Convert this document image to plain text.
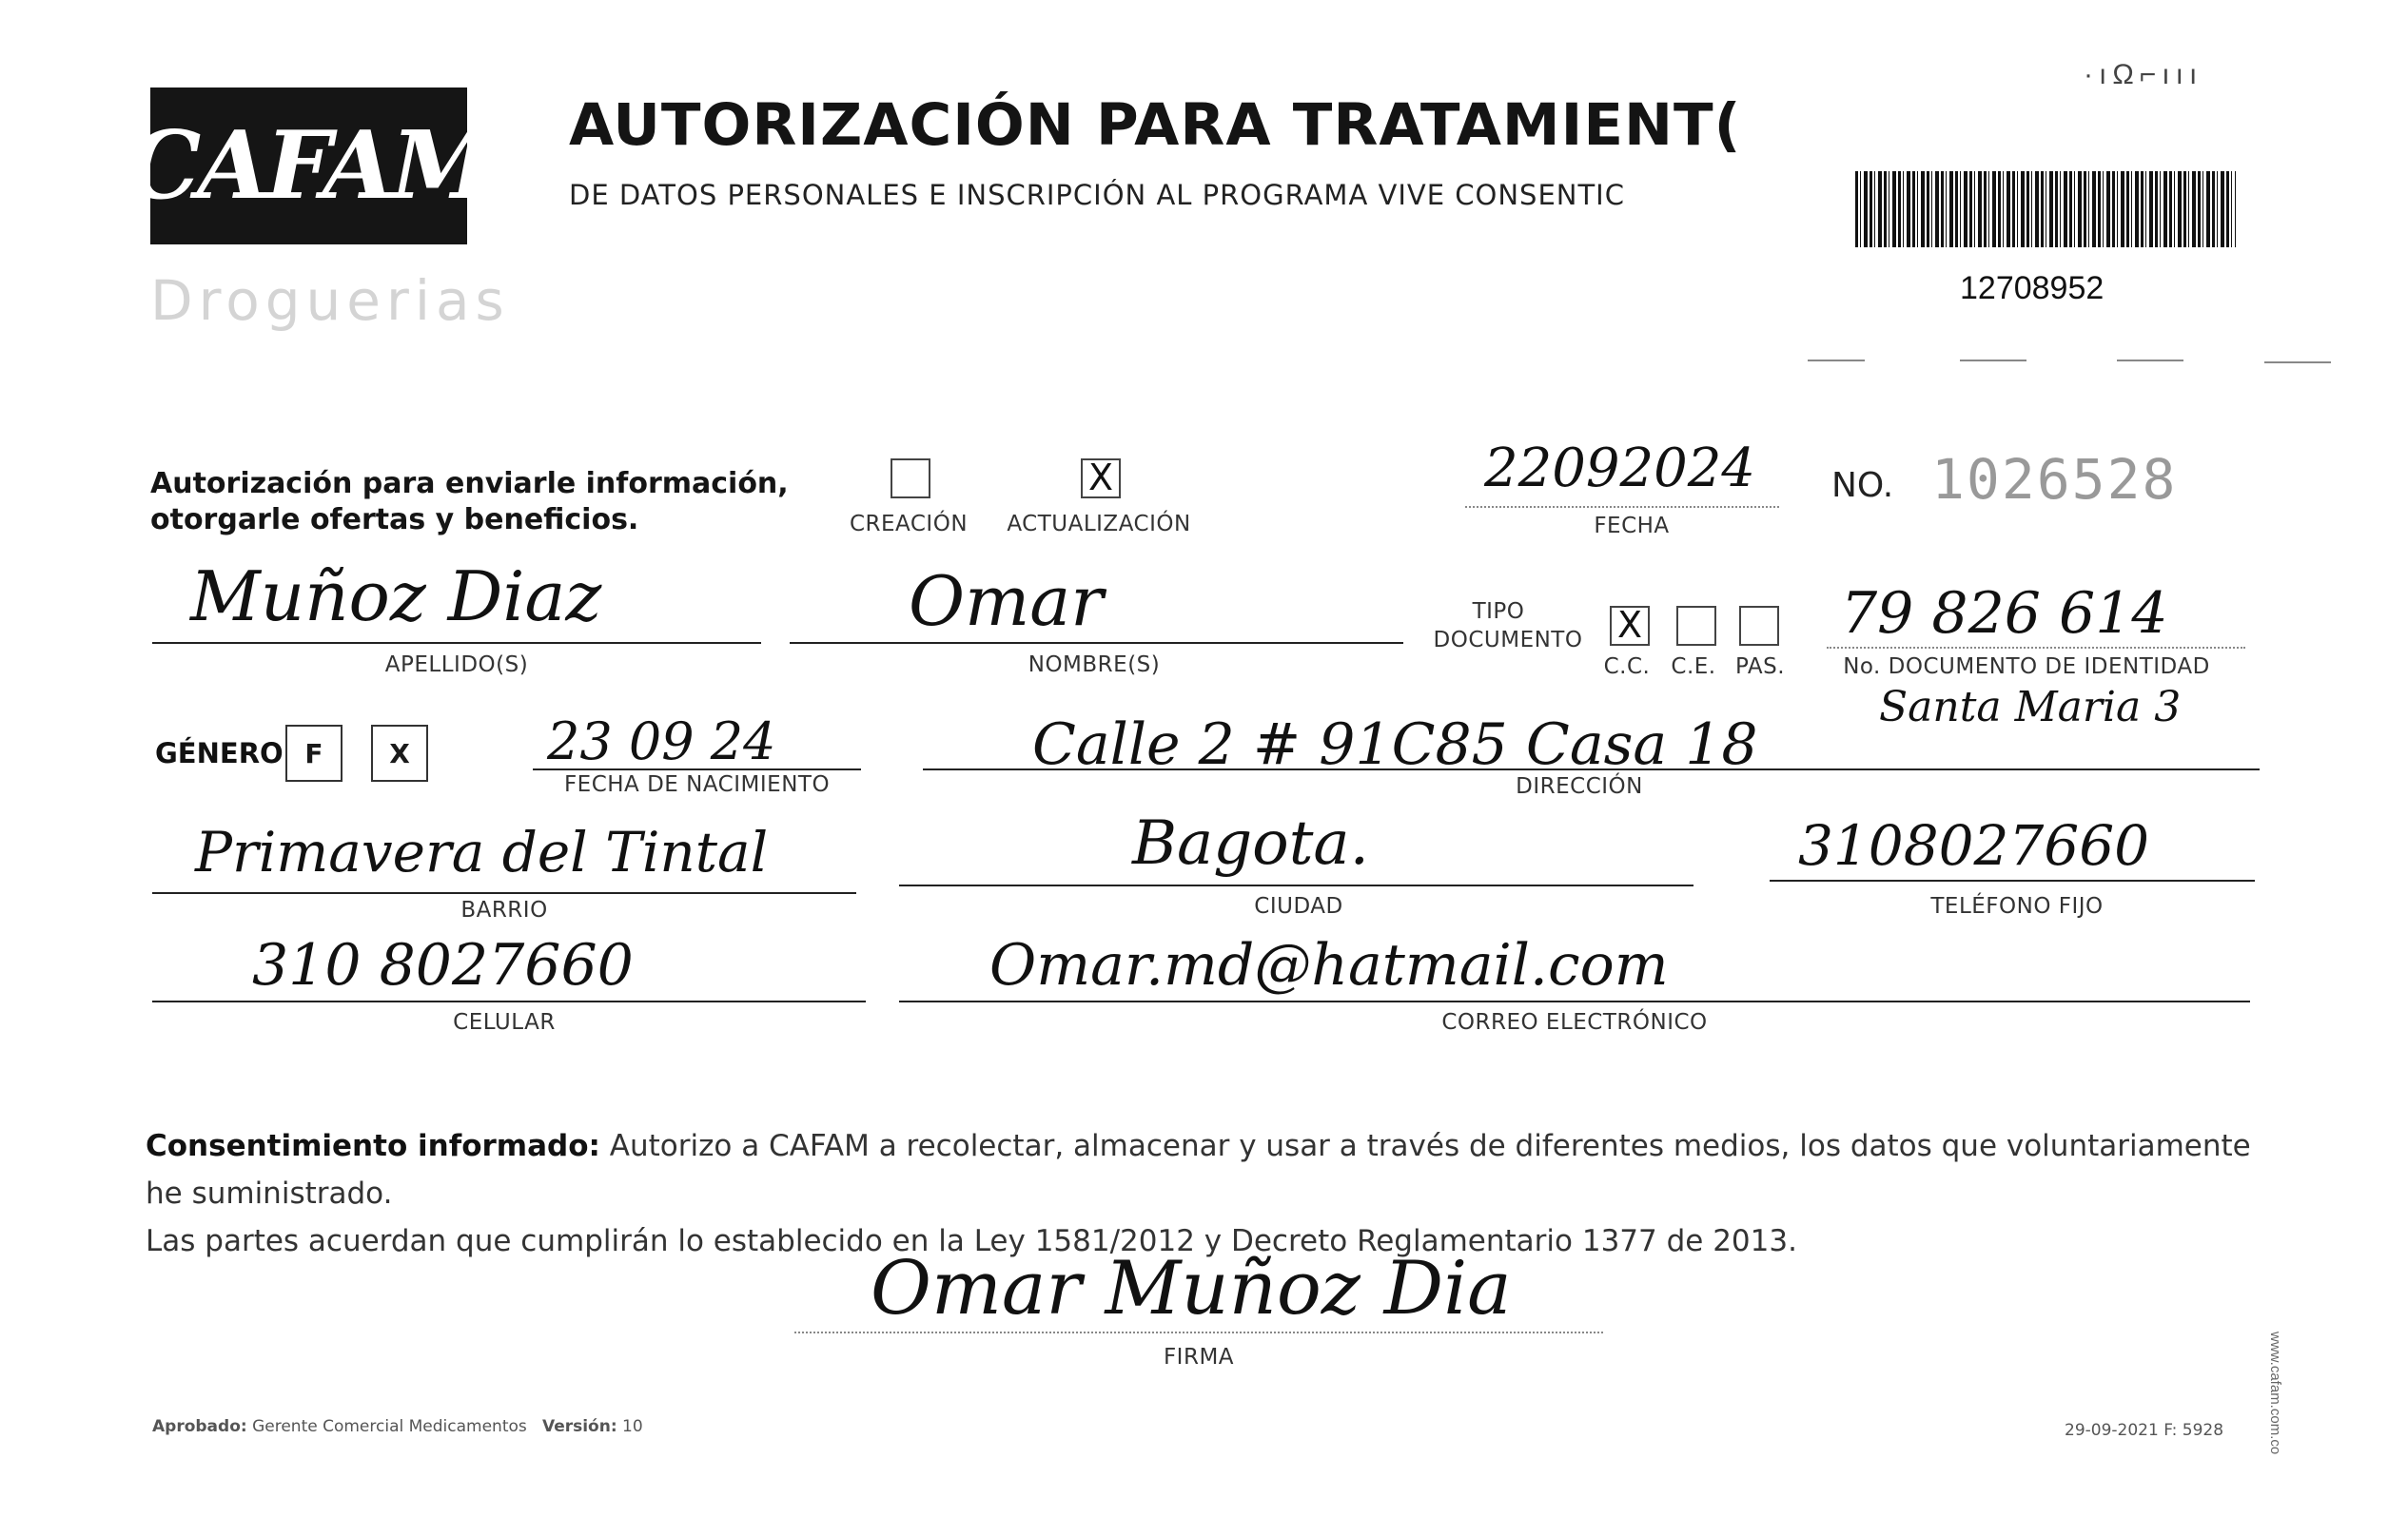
CAFAM
Droguerias
AUTORIZACIÓN PARA TRATAMIENT(
DE DATOS PERSONALES E INSCRIPCIÓN AL PROGRAMA VIVE CONSENTIC
·ıΩ⌐ııı
12708952
Autorización para enviarle información,
otorgarle ofertas y beneficios.	CREACIÓN
X
ACTUALIZACIÓN
22092024
FECHA
NO. 1026528
Muñoz Diaz
APELLIDO(S)
Omar
NOMBRE(S)
TIPO
DOCUMENTO X
C.C. C.E. PAS.
79 826 614
No. DOCUMENTO DE IDENTIDAD
GÉNERO F	X	23 09 24
FECHA DE NACIMIENTO
Calle 2 # 91C85 Casa 18
Santa Maria 3
DIRECCIÓN
Primavera del Tintal
BARRIO
Bagota.
CIUDAD
3108027660
TELÉFONO FIJO
310 8027660
CELULAR
Omar.md@hatmail.com
CORREO ELECTRÓNICO
Consentimiento informado: Autorizo a CAFAM a recolectar, almacenar y usar a través de diferentes medios, los datos que voluntariamente he suministrado.
Las partes acuerdan que cumplirán lo establecido en la Ley 1581/2012 y Decreto Reglamentario 1377 de 2013.
Omar Muñoz Dia
FIRMA
Aprobado: Gerente Comercial Medicamentos Versión: 10	29-09-2021 F: 5928	www.cafam.com.co
